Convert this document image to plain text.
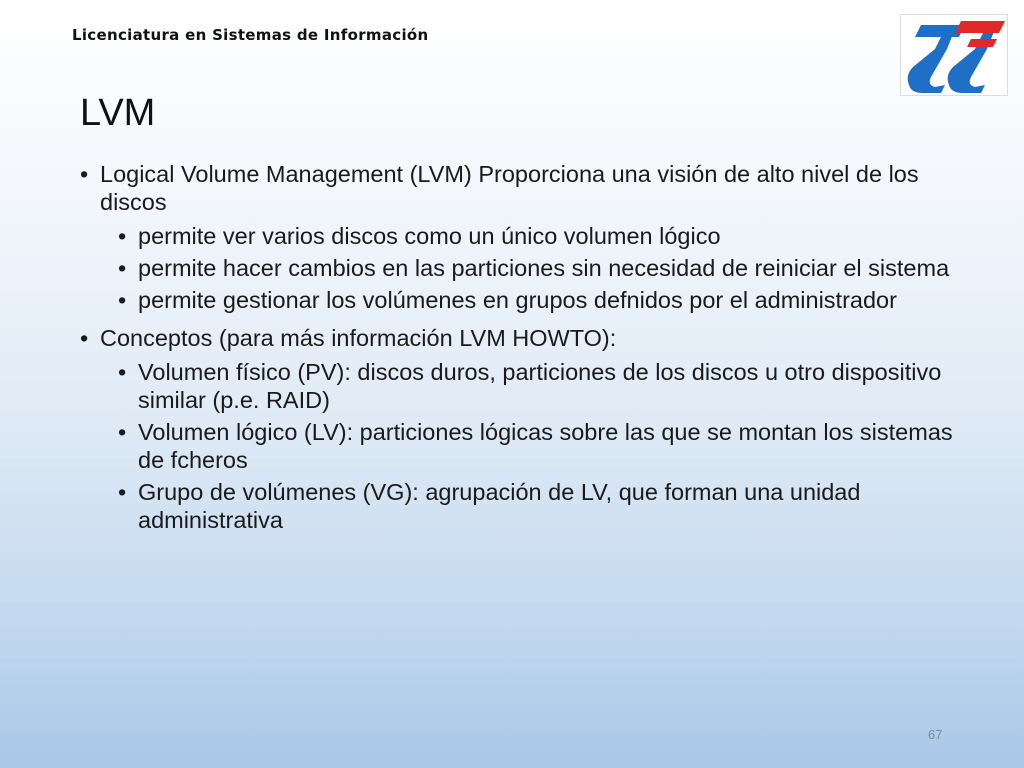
Licenciatura en Sistemas de Información
LVM
• Logical Volume Management (LVM) Proporciona una visión de alto nivel de los discos
• permite ver varios discos como un único volumen lógico
• permite hacer cambios en las particiones sin necesidad de reiniciar el sistema
• permite gestionar los volúmenes en grupos defnidos por el administrador
• Conceptos (para más información LVM HOWTO):
• Volumen físico (PV): discos duros, particiones de los discos u otro dispositivo similar (p.e. RAID)
• Volumen lógico (LV): particiones lógicas sobre las que se montan los sistemas de fcheros
• Grupo de volúmenes (VG): agrupación de LV, que forman una unidad administrativa
67
